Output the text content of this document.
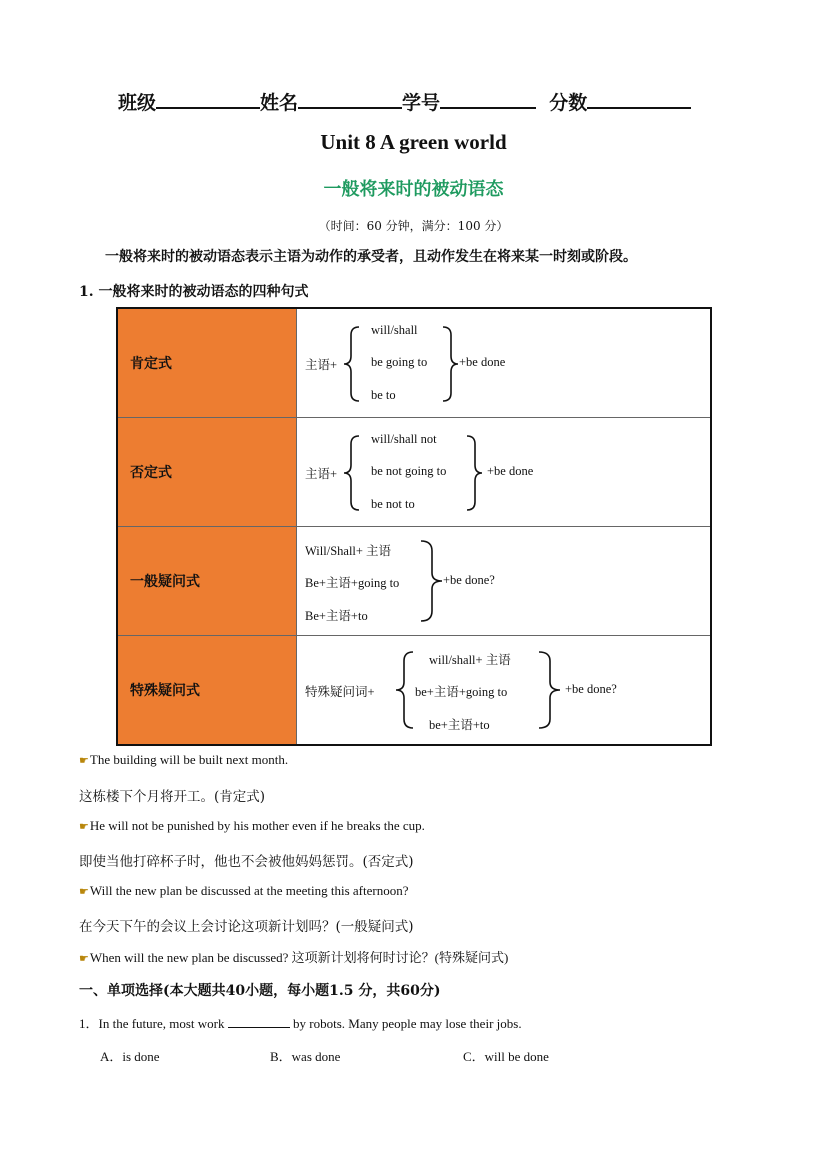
班级	姓名	学号	分数
Unit 8 A green world
一般将来时的被动语态
（时间：60 分钟，满分：100 分）
一般将来时的被动语态表示主语为动作的承受者，且动作发生在将来某一时刻或阶段。
1. 一般将来时的被动语态的四种句式
肯定式	主语+
will/shall
be going to
be to
+be done

否定式	主语+
will/shall not
be not going to
be not to
+be done

一般疑问式	Will/Shall+ 主语
Be+主语+going to
Be+主语+to
+be done?

特殊疑问式	特殊疑问词+
will/shall+ 主语
be+主语+going to
be+主语+to
+be done?
☛The building will be built next month.
这栋楼下个月将开工。(肯定式)
☛He will not be punished by his mother even if he breaks the cup.
即使当他打碎杯子时，他也不会被他妈妈惩罚。(否定式)
☛Will the new plan be discussed at the meeting this afternoon?
在今天下午的会议上会讨论这项新计划吗？(一般疑问式)
☛When will the new plan be discussed? 这项新计划将何时讨论？(特殊疑问式)
一、单项选择(本大题共40小题，每小题1.5 分，共60分)
1．In the future, most work	by robots. Many people may lose their jobs.
A．is done	B．was done	C．will be done
